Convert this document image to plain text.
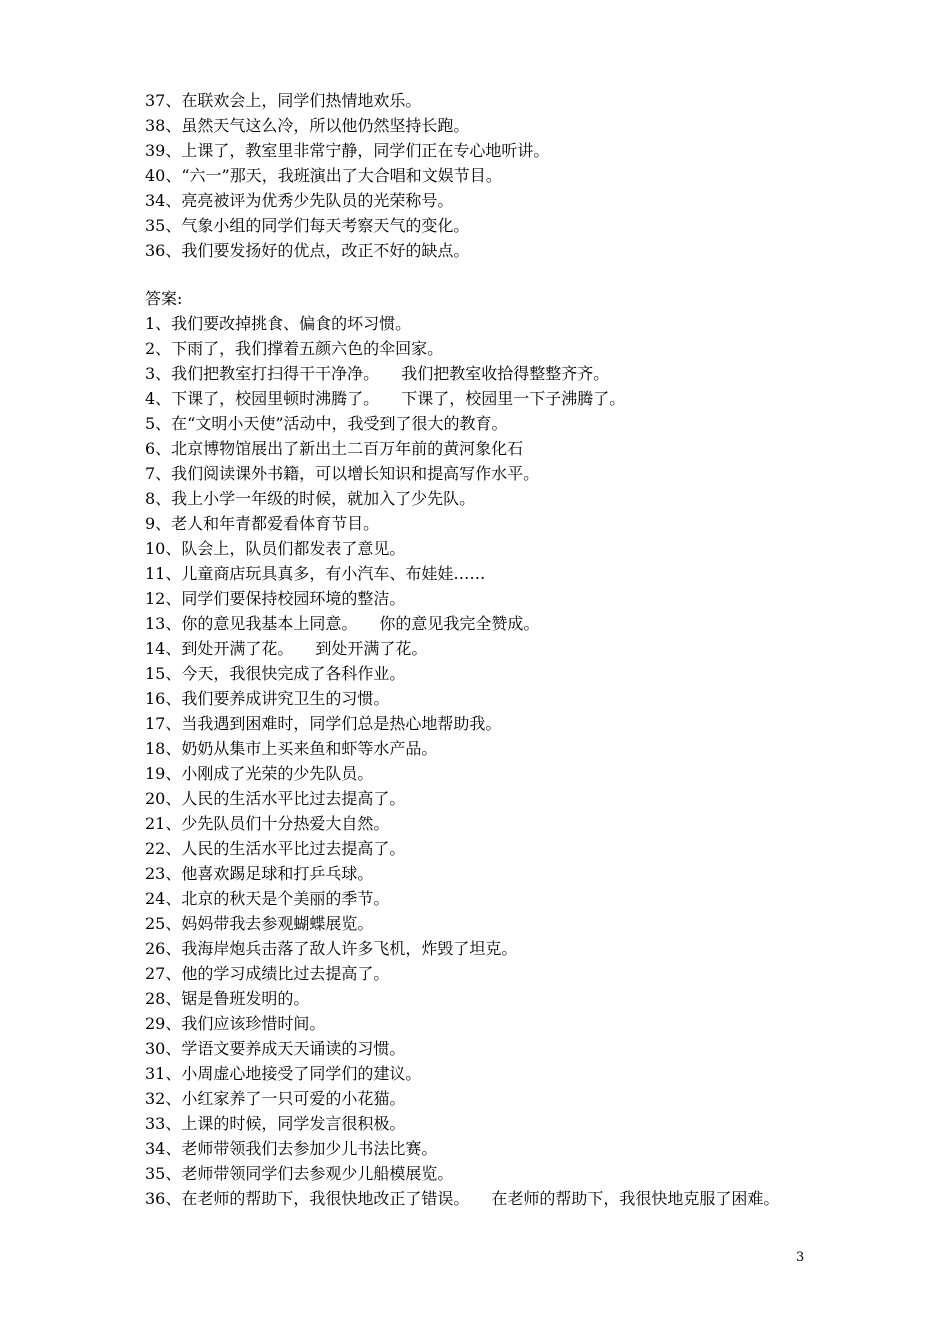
37、在联欢会上，同学们热情地欢乐。
38、虽然天气这么冷，所以他仍然坚持长跑。
39、上课了，教室里非常宁静，同学们正在专心地听讲。
40、“六一”那天，我班演出了大合唱和文娱节目。
34、亮亮被评为优秀少先队员的光荣称号。
35、气象小组的同学们每天考察天气的变化。
36、我们要发扬好的优点，改正不好的缺点。
答案:
1、我们要改掉挑食、偏食的坏习惯。
2、下雨了，我们撑着五颜六色的伞回家。
3、我们把教室打扫得干干净净。 我们把教室收拾得整整齐齐。
4、下课了，校园里顿时沸腾了。 下课了，校园里一下子沸腾了。
5、在“文明小天使”活动中，我受到了很大的教育。
6、北京博物馆展出了新出土二百万年前的黄河象化石
7、我们阅读课外书籍，可以增长知识和提高写作水平。
8、我上小学一年级的时候，就加入了少先队。
9、老人和年青都爱看体育节目。
10、队会上，队员们都发表了意见。
11、儿童商店玩具真多，有小汽车、布娃娃……
12、同学们要保持校园环境的整洁。
13、你的意见我基本上同意。 你的意见我完全赞成。
14、到处开满了花。 到处开满了花。
15、今天，我很快完成了各科作业。
16、我们要养成讲究卫生的习惯。
17、当我遇到困难时，同学们总是热心地帮助我。
18、奶奶从集市上买来鱼和虾等水产品。
19、小刚成了光荣的少先队员。
20、人民的生活水平比过去提高了。
21、少先队员们十分热爱大自然。
22、人民的生活水平比过去提高了。
23、他喜欢踢足球和打乒乓球。
24、北京的秋天是个美丽的季节。
25、妈妈带我去参观蝴蝶展览。
26、我海岸炮兵击落了敌人许多飞机，炸毁了坦克。
27、他的学习成绩比过去提高了。
28、锯是鲁班发明的。
29、我们应该珍惜时间。
30、学语文要养成天天诵读的习惯。
31、小周虚心地接受了同学们的建议。
32、小红家养了一只可爱的小花猫。
33、上课的时候，同学发言很积极。
34、老师带领我们去参加少儿书法比赛。
35、老师带领同学们去参观少儿船模展览。
36、在老师的帮助下，我很快地改正了错误。 在老师的帮助下，我很快地克服了困难。
3
